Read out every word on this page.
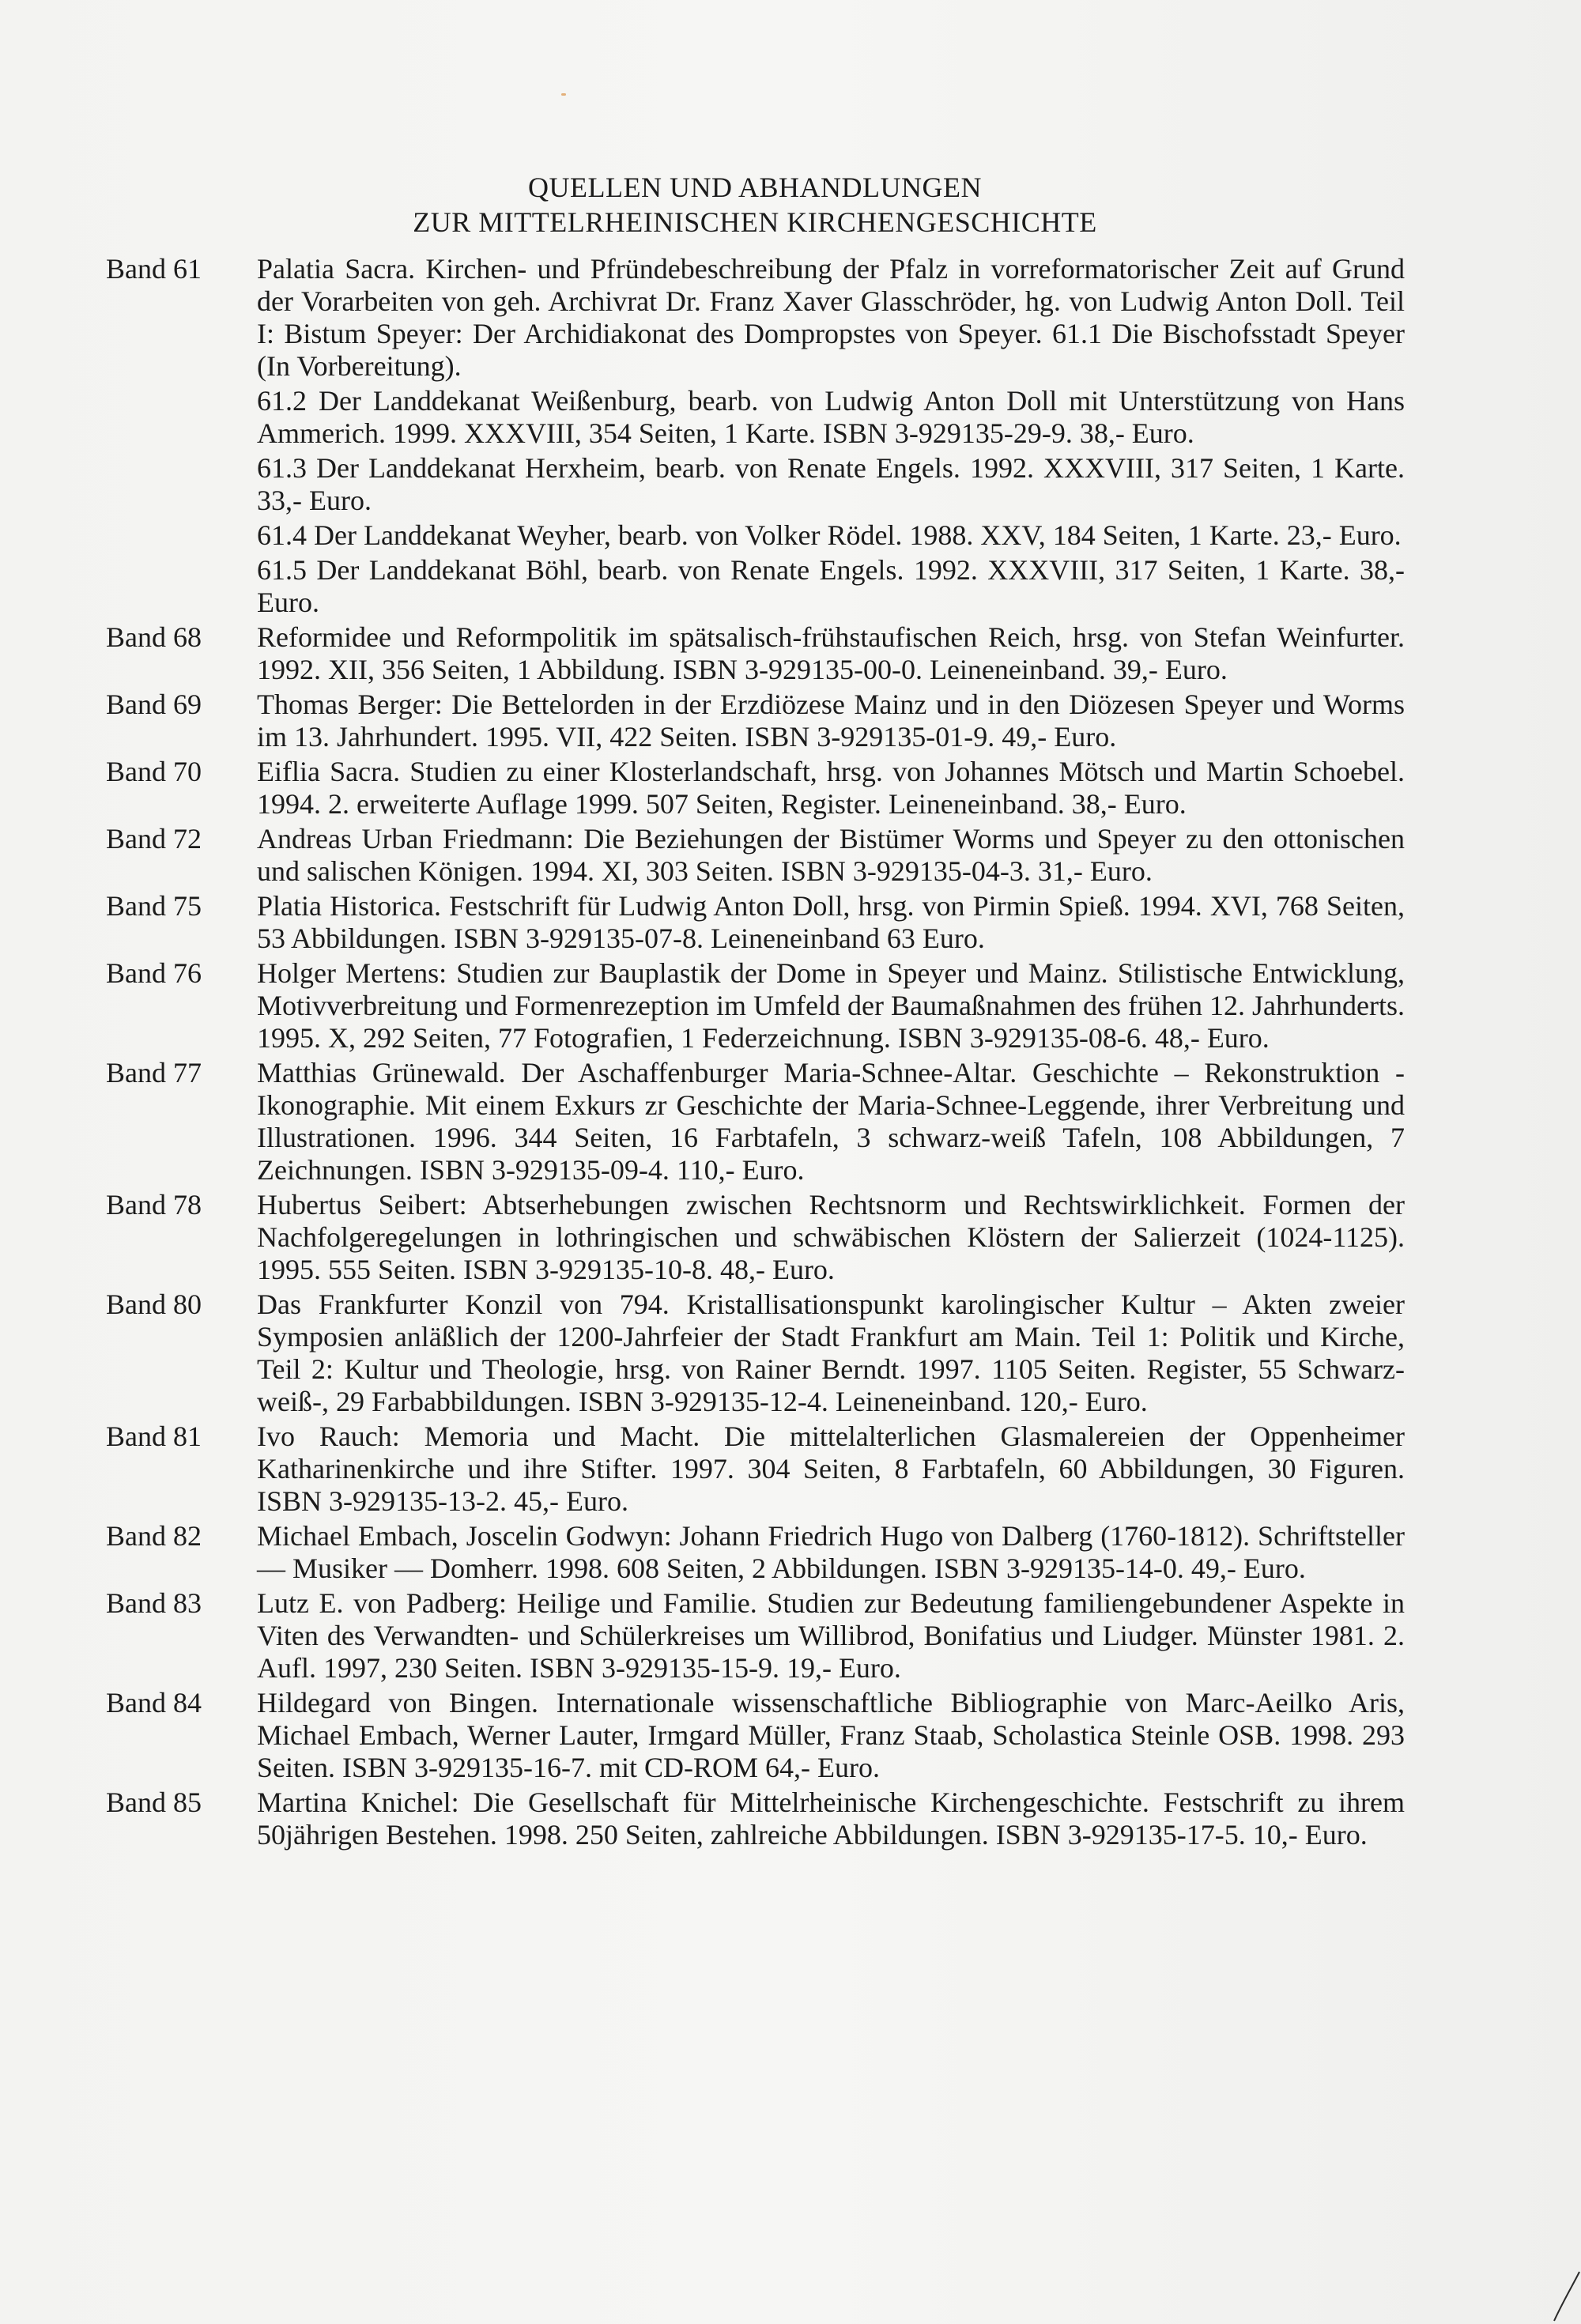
QUELLEN UND ABHANDLUNGEN
ZUR MITTELRHEINISCHEN KIRCHENGESCHICHTE
Band 61	Palatia Sacra. Kirchen- und Pfründebeschreibung der Pfalz in vorreformatorischer Zeit auf Grund der Vorarbeiten von geh. Archivrat Dr. Franz Xaver Glasschröder, hg. von Ludwig Anton Doll. Teil I: Bistum Speyer: Der Archidiakonat des Dompropstes von Speyer. 61.1 Die Bischofsstadt Speyer (In Vorbereitung).
61.2 Der Landdekanat Weißenburg, bearb. von Ludwig Anton Doll mit Unterstützung von Hans Ammerich. 1999. XXXVIII, 354 Seiten, 1 Karte. ISBN 3-929135-29-9. 38,- Euro.
61.3 Der Landdekanat Herxheim, bearb. von Renate Engels. 1992. XXXVIII, 317 Seiten, 1 Karte. 33,- Euro.
61.4 Der Landdekanat Weyher, bearb. von Volker Rödel. 1988. XXV, 184 Seiten, 1 Karte. 23,- Euro.
61.5 Der Landdekanat Böhl, bearb. von Renate Engels. 1992. XXXVIII, 317 Seiten, 1 Karte. 38,- Euro.
Band 68	Reformidee und Reformpolitik im spätsalisch-frühstaufischen Reich, hrsg. von Stefan Weinfurter. 1992. XII, 356 Seiten, 1 Abbildung. ISBN 3-929135-00-0. Leineneinband. 39,- Euro.
Band 69	Thomas Berger: Die Bettelorden in der Erzdiözese Mainz und in den Diözesen Speyer und Worms im 13. Jahrhundert. 1995. VII, 422 Seiten. ISBN 3-929135-01-9. 49,- Euro.
Band 70	Eiflia Sacra. Studien zu einer Klosterlandschaft, hrsg. von Johannes Mötsch und Martin Schoebel. 1994. 2. erweiterte Auflage 1999. 507 Seiten, Register. Leineneinband. 38,- Euro.
Band 72	Andreas Urban Friedmann: Die Beziehungen der Bistümer Worms und Speyer zu den ottonischen und salischen Königen. 1994. XI, 303 Seiten. ISBN 3-929135-04-3. 31,- Euro.
Band 75	Platia Historica. Festschrift für Ludwig Anton Doll, hrsg. von Pirmin Spieß. 1994. XVI, 768 Seiten, 53 Abbildungen. ISBN 3-929135-07-8. Leineneinband 63 Euro.
Band 76	Holger Mertens: Studien zur Bauplastik der Dome in Speyer und Mainz. Stilistische Entwicklung, Motivverbreitung und Formenrezeption im Umfeld der Baumaßnahmen des frühen 12. Jahrhunderts. 1995. X, 292 Seiten, 77 Fotografien, 1 Federzeichnung. ISBN 3-929135-08-6. 48,- Euro.
Band 77	Matthias Grünewald. Der Aschaffenburger Maria-Schnee-Altar. Geschichte – Rekonstruktion - Ikonographie. Mit einem Exkurs zr Geschichte der Maria-Schnee-Leggende, ihrer Verbreitung und Illustrationen. 1996. 344 Seiten, 16 Farbtafeln, 3 schwarz-weiß Tafeln, 108 Abbildungen, 7 Zeichnungen. ISBN 3-929135-09-4. 110,- Euro.
Band 78	Hubertus Seibert: Abtserhebungen zwischen Rechtsnorm und Rechtswirklichkeit. Formen der Nachfolgeregelungen in lothringischen und schwäbischen Klöstern der Salierzeit (1024-1125). 1995. 555 Seiten. ISBN 3-929135-10-8. 48,- Euro.
Band 80	Das Frankfurter Konzil von 794. Kristallisationspunkt karolingischer Kultur – Akten zweier Symposien anläßlich der 1200-Jahrfeier der Stadt Frankfurt am Main. Teil 1: Politik und Kirche, Teil 2: Kultur und Theologie, hrsg. von Rainer Berndt. 1997. 1105 Seiten. Register, 55 Schwarz-weiß-, 29 Farbabbildungen. ISBN 3-929135-12-4. Leineneinband. 120,- Euro.
Band 81	Ivo Rauch: Memoria und Macht. Die mittelalterlichen Glasmalereien der Oppenheimer Katharinenkirche und ihre Stifter. 1997. 304 Seiten, 8 Farbtafeln, 60 Abbildungen, 30 Figuren. ISBN 3-929135-13-2. 45,- Euro.
Band 82	Michael Embach, Joscelin Godwyn: Johann Friedrich Hugo von Dalberg (1760-1812). Schriftsteller — Musiker — Domherr. 1998. 608 Seiten, 2 Abbildungen. ISBN 3-929135-14-0. 49,- Euro.
Band 83	Lutz E. von Padberg: Heilige und Familie. Studien zur Bedeutung familiengebundener Aspekte in Viten des Verwandten- und Schülerkreises um Willibrod, Bonifatius und Liudger. Münster 1981. 2. Aufl. 1997, 230 Seiten. ISBN 3-929135-15-9. 19,- Euro.
Band 84	Hildegard von Bingen. Internationale wissenschaftliche Bibliographie von Marc-Aeilko Aris, Michael Embach, Werner Lauter, Irmgard Müller, Franz Staab, Scholastica Steinle OSB. 1998. 293 Seiten. ISBN 3-929135-16-7. mit CD-ROM 64,- Euro.
Band 85	Martina Knichel: Die Gesellschaft für Mittelrheinische Kirchengeschichte. Festschrift zu ihrem 50jährigen Bestehen. 1998. 250 Seiten, zahlreiche Abbildungen. ISBN 3-929135-17-5. 10,- Euro.
